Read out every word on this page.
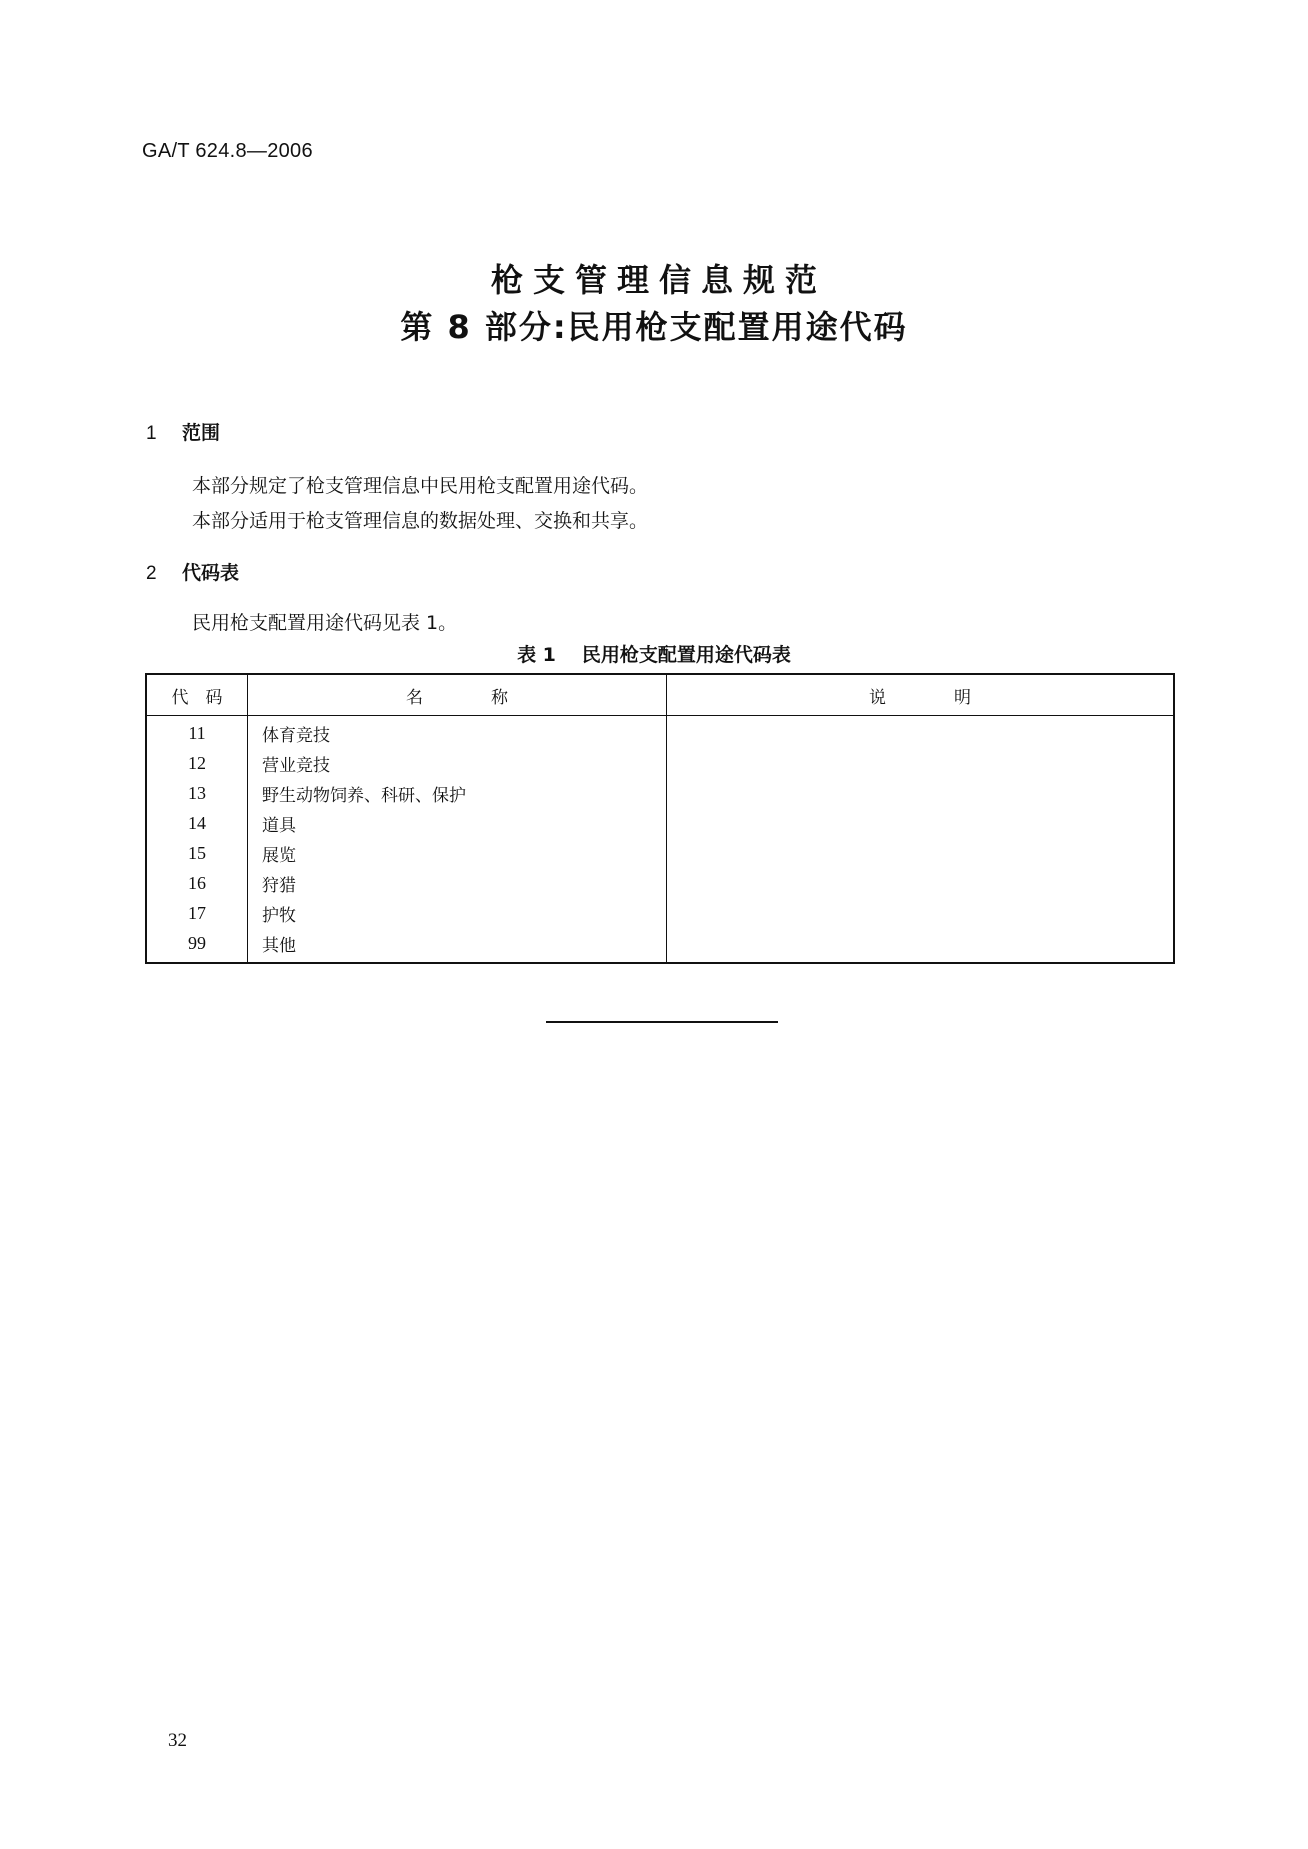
GA/T 624.8—2006
枪支管理信息规范
第 8 部分:民用枪支配置用途代码
1 范围
本部分规定了枪支管理信息中民用枪支配置用途代码。
本部分适用于枪支管理信息的数据处理、交换和共享。
2 代码表
民用枪支配置用途代码见表 1。
表 1 民用枪支配置用途代码表
代　码	名　　　　称	说　　　　明
11	体育竞技	
12	营业竞技	
13	野生动物饲养、科研、保护	
14	道具	
15	展览	
16	狩猎	
17	护牧	
99	其他	
32
